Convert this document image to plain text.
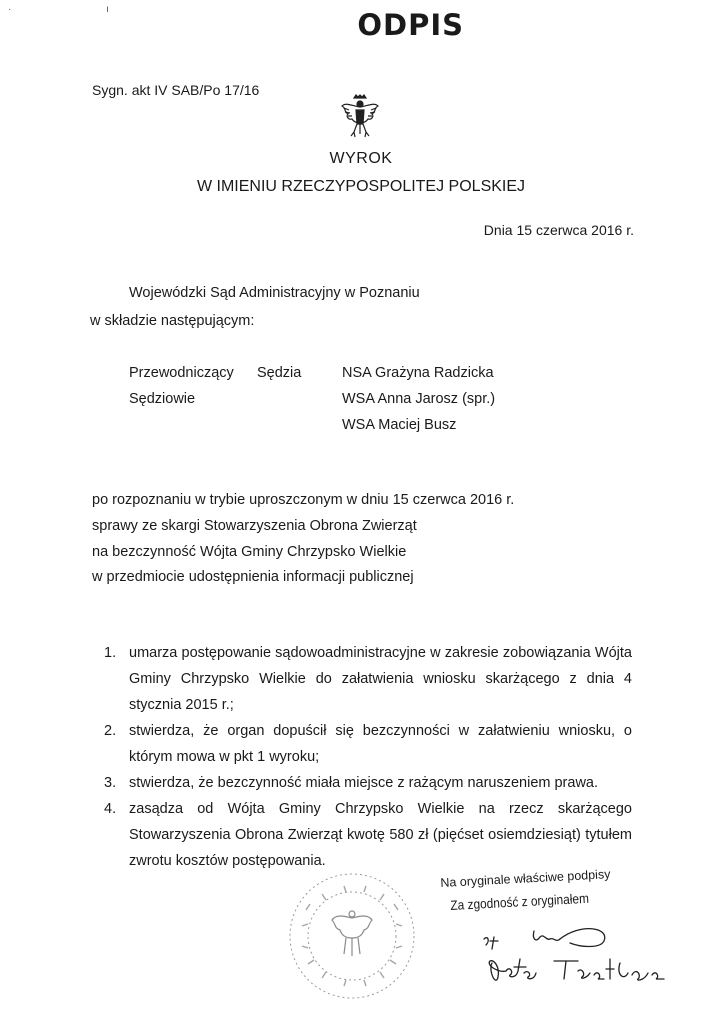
· ı	ODPIS
Sygn. akt IV SAB/Po 17/16
WYROK
W IMIENIU RZECZYPOSPOLITEJ POLSKIEJ
Dnia 15 czerwca 2016 r.
Wojewódzki Sąd Administracyjny w Poznaniu
w składzie następującym:
Przewodniczący Sędzia	NSA Grażyna Radzicka
Sędziowie	WSA Anna Jarosz (spr.)
WSA Maciej Busz
po rozpoznaniu w trybie uproszczonym w dniu 15 czerwca 2016 r.
sprawy ze skargi Stowarzyszenia Obrona Zwierząt
na bezczynność Wójta Gminy Chrzypsko Wielkie
w przedmiocie udostępnienia informacji publicznej
1. umarza postępowanie sądowoadministracyjne w zakresie zobowiązania Wójta Gminy Chrzypsko Wielkie do załatwienia wniosku skarżącego z dnia 4 stycznia 2015 r.;
2. stwierdza, że organ dopuścił się bezczynności w załatwieniu wniosku, o którym mowa w pkt 1 wyroku;
3. stwierdza, że bezczynność miała miejsce z rażącym naruszeniem prawa.
4. zasądza od Wójta Gminy Chrzypsko Wielkie na rzecz skarżącego Stowarzyszenia Obrona Zwierząt kwotę 580 zł (pięćset osiemdziesiąt) tytułem zwrotu kosztów postępowania.
Na oryginale właściwe podpisy
Za zgodność z oryginałem
